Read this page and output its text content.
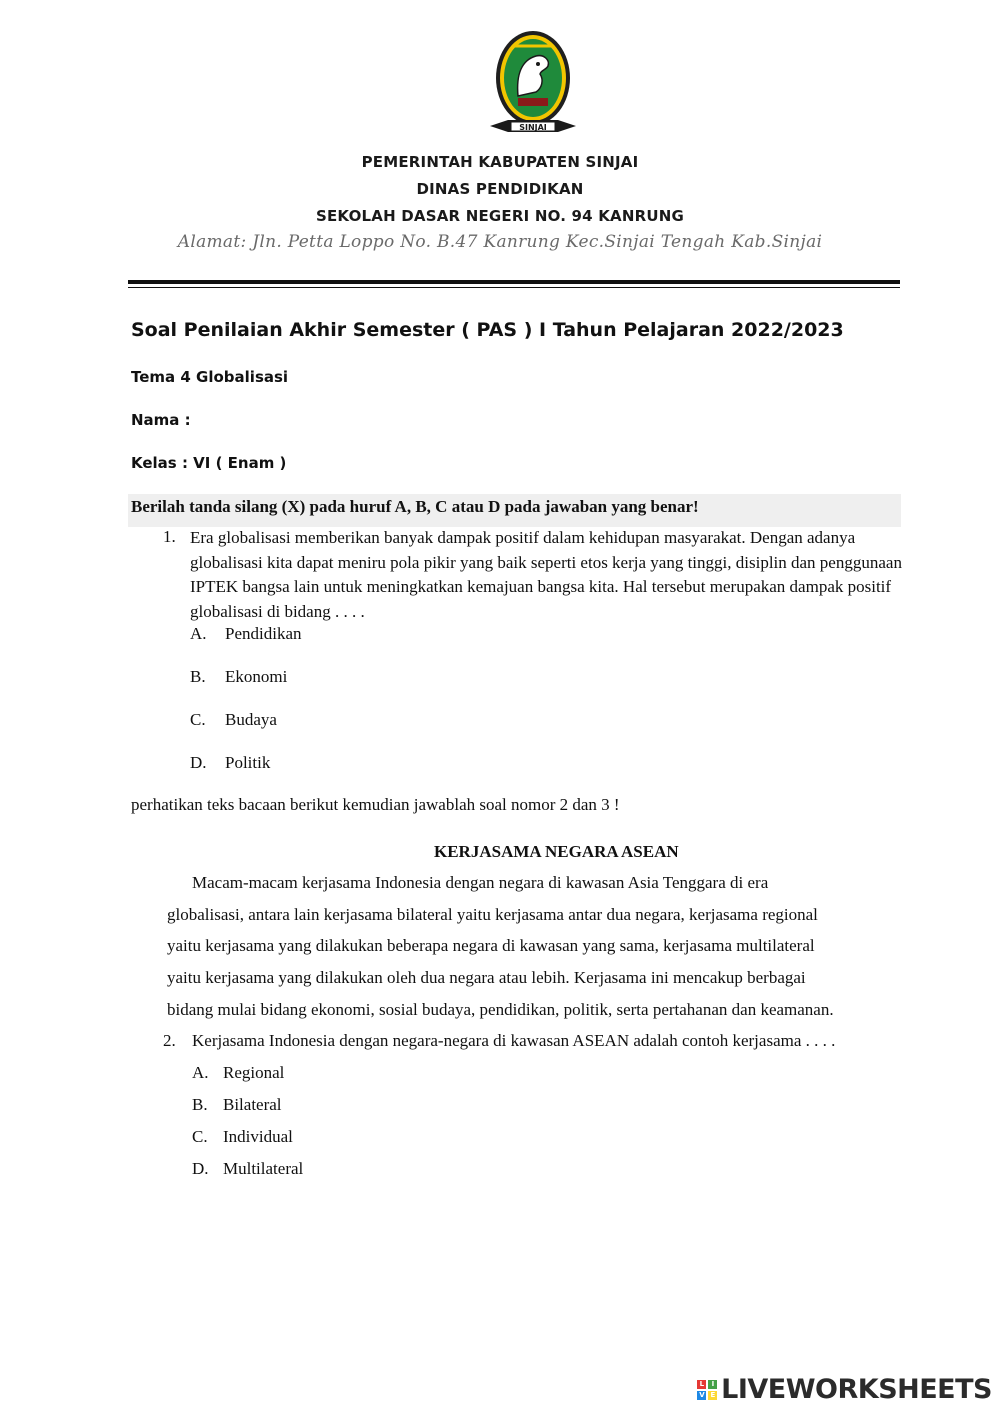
SINJAI
PEMERINTAH KABUPATEN SINJAI
DINAS PENDIDIKAN
SEKOLAH DASAR NEGERI NO. 94 KANRUNG
Alamat: Jln. Petta Loppo No. B.47 Kanrung Kec.Sinjai Tengah Kab.Sinjai
Soal Penilaian Akhir Semester ( PAS ) I Tahun Pelajaran 2022/2023
Tema 4 Globalisasi
Nama :
Kelas : VI ( Enam )
Berilah tanda silang (X) pada huruf A, B, C atau D pada jawaban yang benar!
1. Era globalisasi memberikan banyak dampak positif dalam kehidupan masyarakat. Dengan adanya globalisasi kita dapat meniru pola pikir yang baik seperti etos kerja yang tinggi, disiplin dan penggunaan IPTEK bangsa lain untuk meningkatkan kemajuan bangsa kita. Hal tersebut merupakan dampak positif globalisasi di bidang . . . .
A. Pendidikan
B. Ekonomi
C. Budaya
D. Politik
perhatikan teks bacaan berikut kemudian jawablah soal nomor 2 dan 3 !
KERJASAMA NEGARA ASEAN
Macam-macam kerjasama Indonesia dengan negara di kawasan Asia Tenggara di era
globalisasi, antara lain kerjasama bilateral yaitu kerjasama antar dua negara, kerjasama regional
yaitu kerjasama yang dilakukan beberapa negara di kawasan yang sama, kerjasama multilateral
yaitu kerjasama yang dilakukan oleh dua negara atau lebih. Kerjasama ini mencakup berbagai
bidang mulai bidang ekonomi, sosial budaya, pendidikan, politik, serta pertahanan dan keamanan.
2. Kerjasama Indonesia dengan negara-negara di kawasan ASEAN adalah contoh kerjasama . . . .
A. Regional
B. Bilateral
C. Individual
D. Multilateral
L	I
V E LIVEWORKSHEETS
